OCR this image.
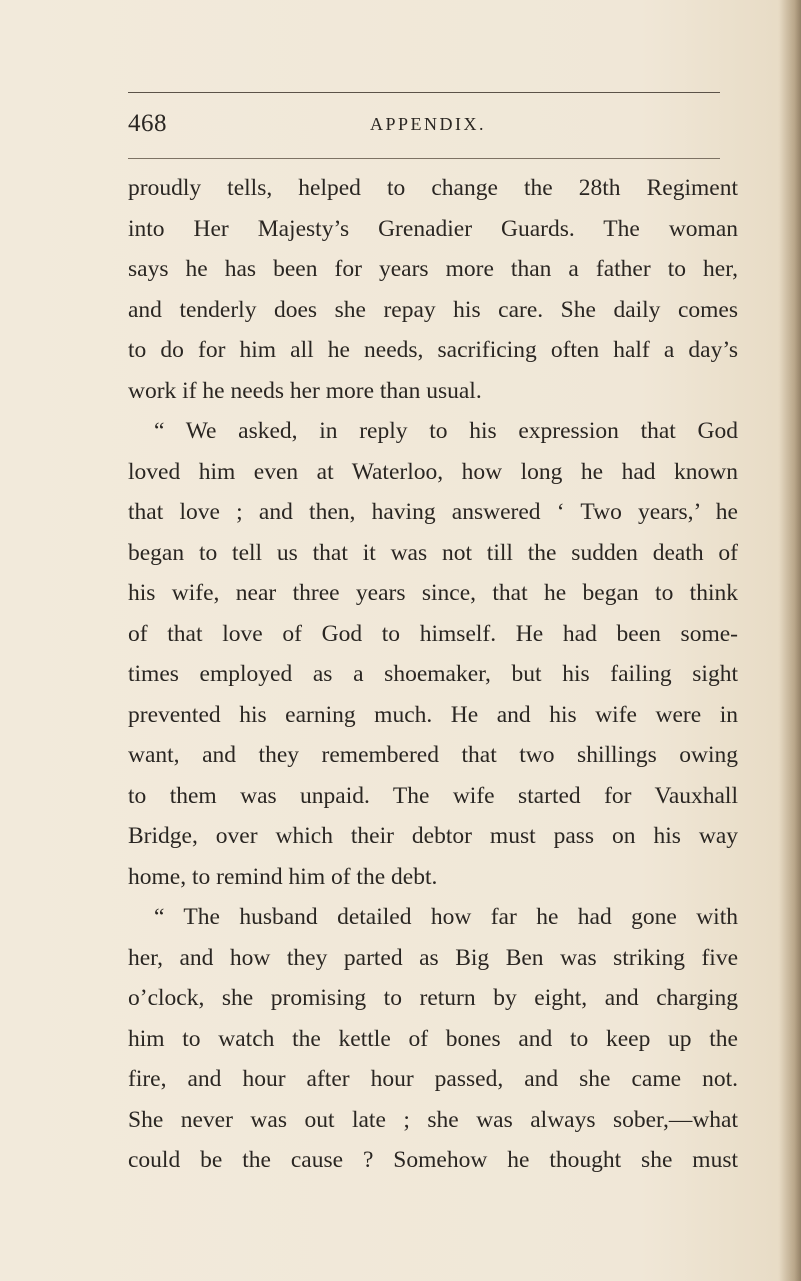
468	APPENDIX.
proudly tells, helped to change the 28th Regiment
into Her Majesty’s Grenadier Guards. The woman
says he has been for years more than a father to her,
and tenderly does she repay his care. She daily comes
to do for him all he needs, sacrificing often half a day’s
work if he needs her more than usual.
“ We asked, in reply to his expression that God
loved him even at Waterloo, how long he had known
that love ; and then, having answered ‘ Two years,’ he
began to tell us that it was not till the sudden death of
his wife, near three years since, that he began to think
of that love of God to himself. He had been some-
times employed as a shoemaker, but his failing sight
prevented his earning much. He and his wife were in
want, and they remembered that two shillings owing
to them was unpaid. The wife started for Vauxhall
Bridge, over which their debtor must pass on his way
home, to remind him of the debt.
“ The husband detailed how far he had gone with
her, and how they parted as Big Ben was striking five
o’clock, she promising to return by eight, and charging
him to watch the kettle of bones and to keep up the
fire, and hour after hour passed, and she came not.
She never was out late ; she was always sober,—what
could be the cause ? Somehow he thought she must
